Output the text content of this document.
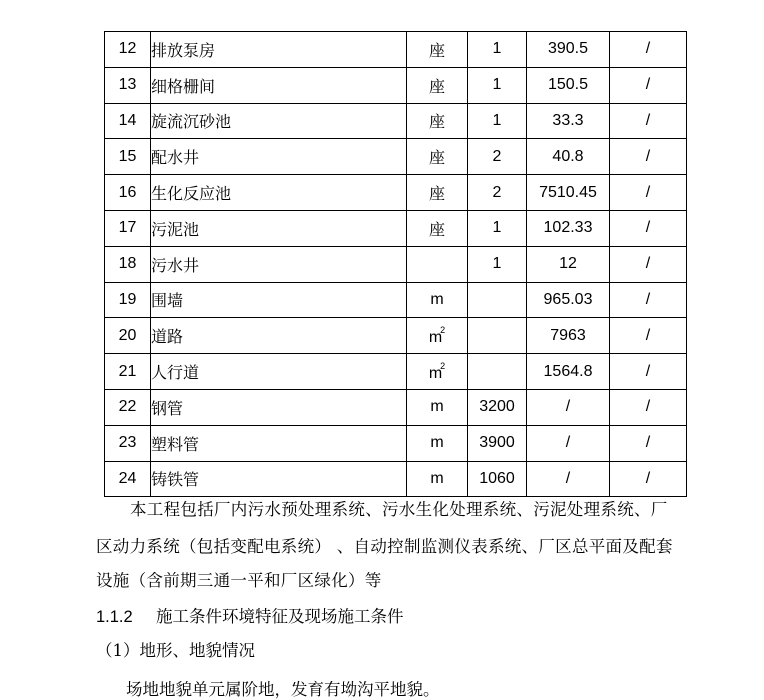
12	排放泵房	座	1	390.5	/
13	细格栅间	座	1	150.5	/
14	旋流沉砂池	座	1	33.3	/
15	配水井	座	2	40.8	/
16	生化反应池	座	2	7510.45	/
17	污泥池	座	1	102.33	/
18	污水井		1	12	/
19	围墙	m		965.03	/
20	道路	$m^2$		7963	/
21	人行道	$m^2$		1564.8	/
22	钢管	m	3200	/	/
23	塑料管	m	3900	/	/
24	铸铁管	m	1060	/	/
本工程包括厂内污水预处理系统、污水生化处理系统、污泥处理系统、厂
区动力系统（包括变配电系统） 、自动控制监测仪表系统、厂区总平面及配套
设施（含前期三通一平和厂区绿化）等
1.1.2 施工条件环境特征及现场施工条件
（1）地形、地貌情况
场地地貌单元属阶地，发育有坳沟平地貌。
